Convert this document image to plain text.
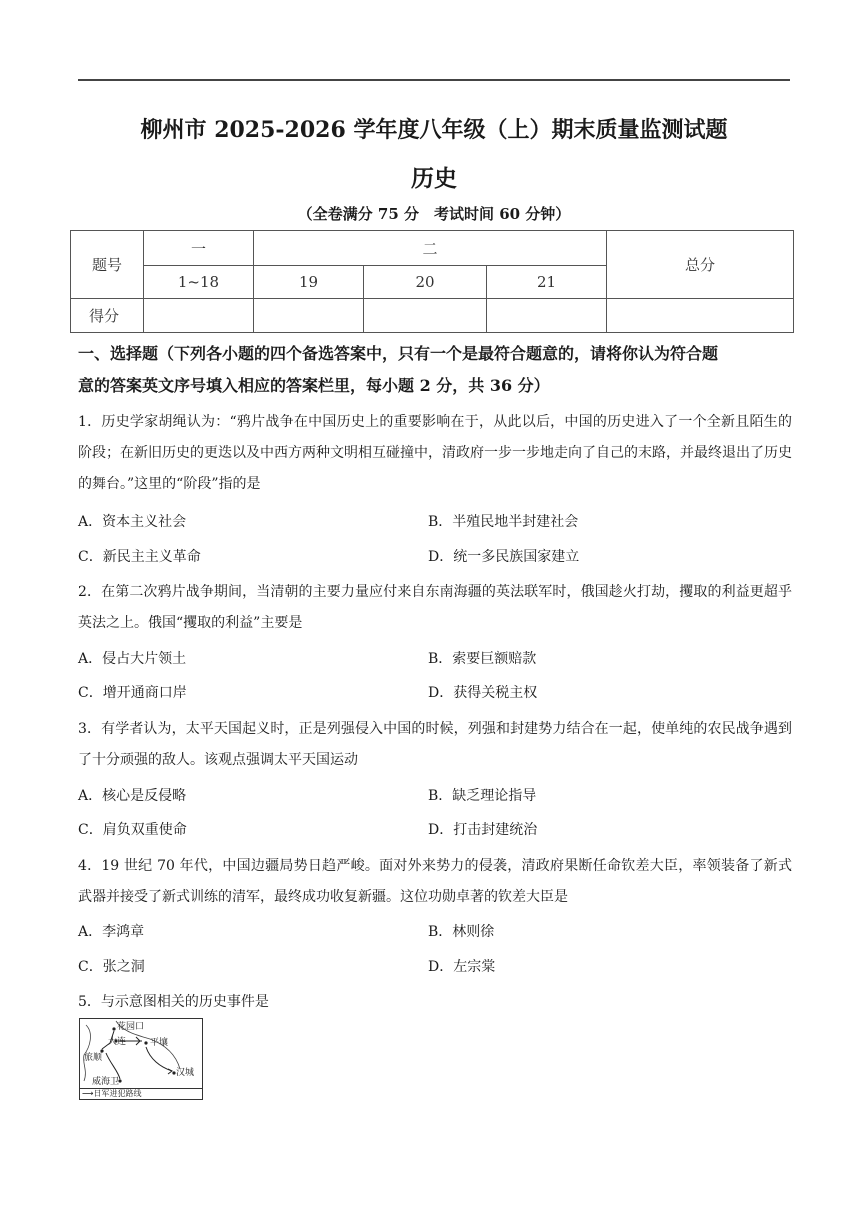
柳州市 2025-2026 学年度八年级（上）期末质量监测试题
历史
（全卷满分 75 分　考试时间 60 分钟）
题号	一	二			总分
	1~18	19	20	21	
得分					
一、选择题（下列各小题的四个备选答案中，只有一个是最符合题意的，请将你认为符合题
意的答案英文序号填入相应的答案栏里，每小题 2 分，共 36 分）
1．历史学家胡绳认为：“鸦片战争在中国历史上的重要影响在于，从此以后，中国的历史进入了一个全新且陌生的阶段；在新旧历史的更迭以及中西方两种文明相互碰撞中，清政府一步一步地走向了自己的末路，并最终退出了历史的舞台。”这里的“阶段”指的是
A．资本主义社会	B．半殖民地半封建社会
C．新民主主义革命	D．统一多民族国家建立
2．在第二次鸦片战争期间，当清朝的主要力量应付来自东南海疆的英法联军时，俄国趁火打劫，攫取的利益更超乎英法之上。俄国“攫取的利益”主要是
A．侵占大片领土	B．索要巨额赔款
C．增开通商口岸	D．获得关税主权
3．有学者认为，太平天国起义时，正是列强侵入中国的时候，列强和封建势力结合在一起，使单纯的农民战争遇到了十分顽强的敌人。该观点强调太平天国运动
A．核心是反侵略	B．缺乏理论指导
C．肩负双重使命	D．打击封建统治
4．19 世纪 70 年代，中国边疆局势日趋严峻。面对外来势力的侵袭，清政府果断任命钦差大臣，率领装备了新式武器并接受了新式训练的清军，最终成功收复新疆。这位功勋卓著的钦差大臣是
A．李鸿章	B．林则徐
C．张之洞	D．左宗棠
5．与示意图相关的历史事件是
花园口
大连
旅顺
平壤
汉城
威海卫
⟶日军进犯路线
